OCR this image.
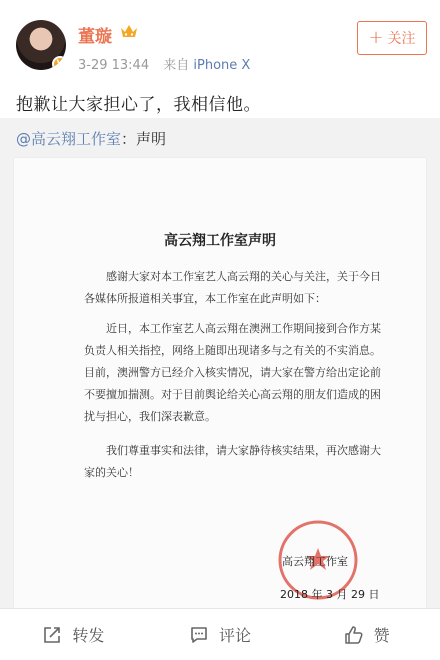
V
董璇
3-29 13:44 来自 iPhone X
+ 关注
抱歉让大家担心了，我相信他。
@高云翔工作室：声明
高云翔工作室声明
感谢大家对本工作室艺人高云翔的关心与关注，关于今日各媒体所报道相关事宜，本工作室在此声明如下：
近日，本工作室艺人高云翔在澳洲工作期间接到合作方某负责人相关指控，网络上随即出现诸多与之有关的不实消息。目前，澳洲警方已经介入核实情况，请大家在警方给出定论前不要擅加揣测。对于目前舆论给关心高云翔的朋友们造成的困扰与担心，我们深表歉意。
我们尊重事实和法律，请大家静待核实结果，再次感谢大家的关心！
高云翔工作室
2018 年 3 月 29 日
转发	评论	赞
